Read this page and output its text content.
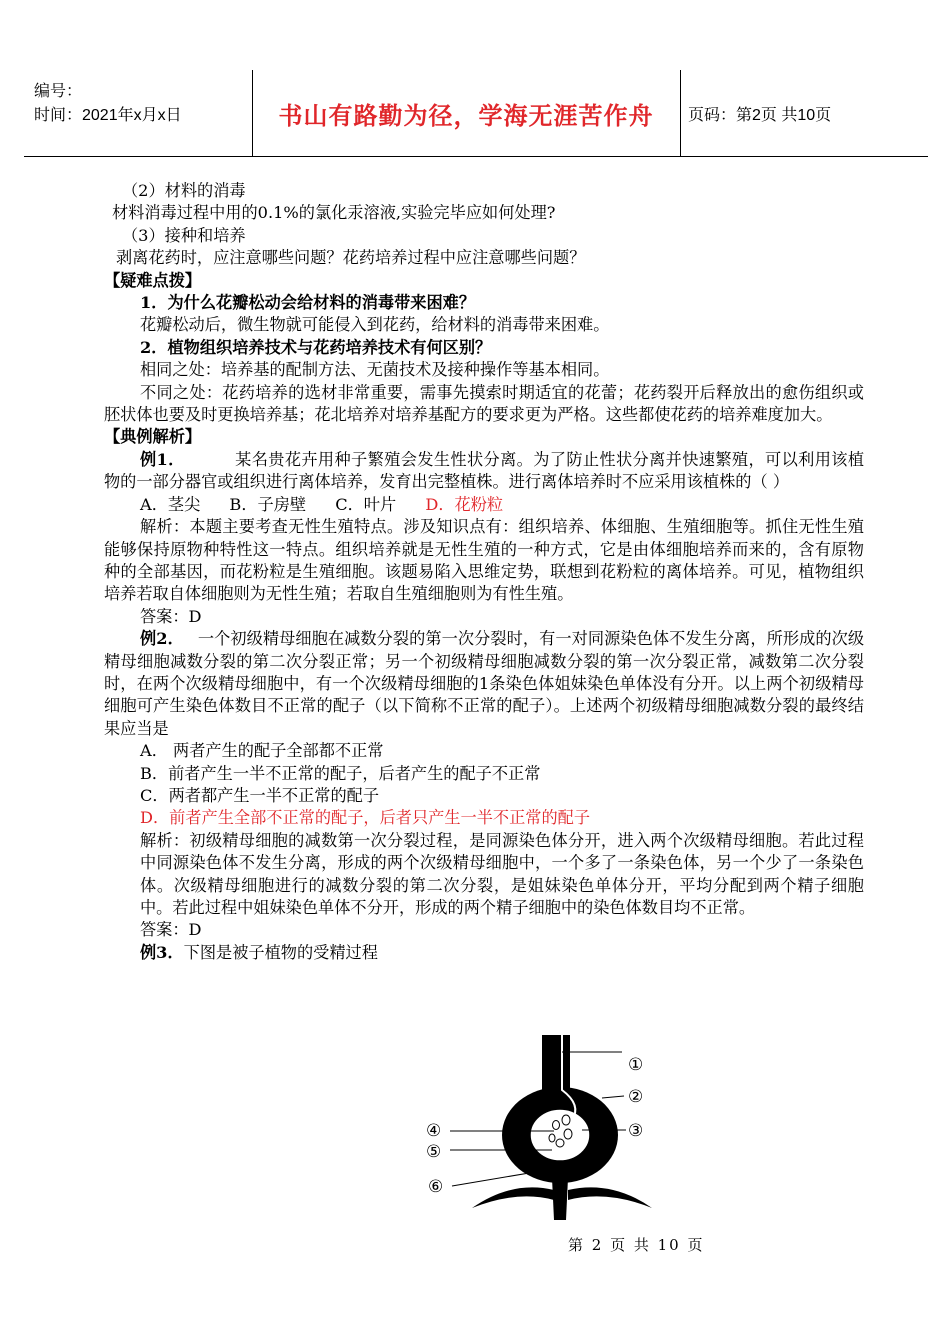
编号：
时间：2021年x月x日	书山有路勤为径，学海无涯苦作舟	页码：第2页 共10页

（2）材料的消毒

材料消毒过程中用的0.1%的氯化汞溶液,实验完毕应如何处理?

（3）接种和培养

剥离花药时，应注意哪些问题？花药培养过程中应注意哪些问题？

【疑难点拨】

1．为什么花瓣松动会给材料的消毒带来困难？

花瓣松动后，微生物就可能侵入到花药，给材料的消毒带来困难。

2．植物组织培养技术与花药培养技术有何区别？

相同之处：培养基的配制方法、无菌技术及接种操作等基本相同。

不同之处：花药培养的选材非常重要，需事先摸索时期适宜的花蕾；花药裂开后释放出的愈伤组织或胚状体也要及时更换培养基；花北培养对培养基配方的要求更为严格。这些都使花药的培养难度加大。

【典例解析】

例1．	某名贵花卉用种子繁殖会发生性状分离。为了防止性状分离并快速繁殖，可以利用该植物的一部分器官或组织进行离体培养，发育出完整植株。进行离体培养时不应采用该植株的（ ）

A．茎尖 B．子房壁 C．叶片 D．花粉粒

解析：本题主要考查无性生殖特点。涉及知识点有：组织培养、体细胞、生殖细胞等。抓住无性生殖能够保持原物种特性这一特点。组织培养就是无性生殖的一种方式，它是由体细胞培养而来的，含有原物种的全部基因，而花粉粒是生殖细胞。该题易陷入思维定势，联想到花粉粒的离体培养。可见，植物组织培养若取自体细胞则为无性生殖；若取自生殖细胞则为有性生殖。

答案：D

例2． 一个初级精母细胞在减数分裂的第一次分裂时，有一对同源染色体不发生分离，所形成的次级精母细胞减数分裂的第二次分裂正常；另一个初级精母细胞减数分裂的第一次分裂正常，减数第二次分裂时，在两个次级精母细胞中，有一个次级精母细胞的1条染色体姐妹染色单体没有分开。以上两个初级精母细胞可产生染色体数目不正常的配子（以下简称不正常的配子）。上述两个初级精母细胞减数分裂的最终结果应当是

A． 两者产生的配子全部都不正常

B．前者产生一半不正常的配子，后者产生的配子不正常

C．两者都产生一半不正常的配子

D．前者产生全部不正常的配子，后者只产生一半不正常的配子

解析：初级精母细胞的减数第一次分裂过程，是同源染色体分开，进入两个次级精母细胞。若此过程中同源染色体不发生分离，形成的两个次级精母细胞中，一个多了一条染色体，另一个少了一条染色体。次级精母细胞进行的减数分裂的第二次分裂，是姐妹染色单体分开，平均分配到两个精子细胞中。若此过程中姐妹染色单体不分开，形成的两个精子细胞中的染色体数目均不正常。

答案：D

例3．下图是被子植物的受精过程

①
②
③
④
⑤
⑥
第 2 页 共 10 页
